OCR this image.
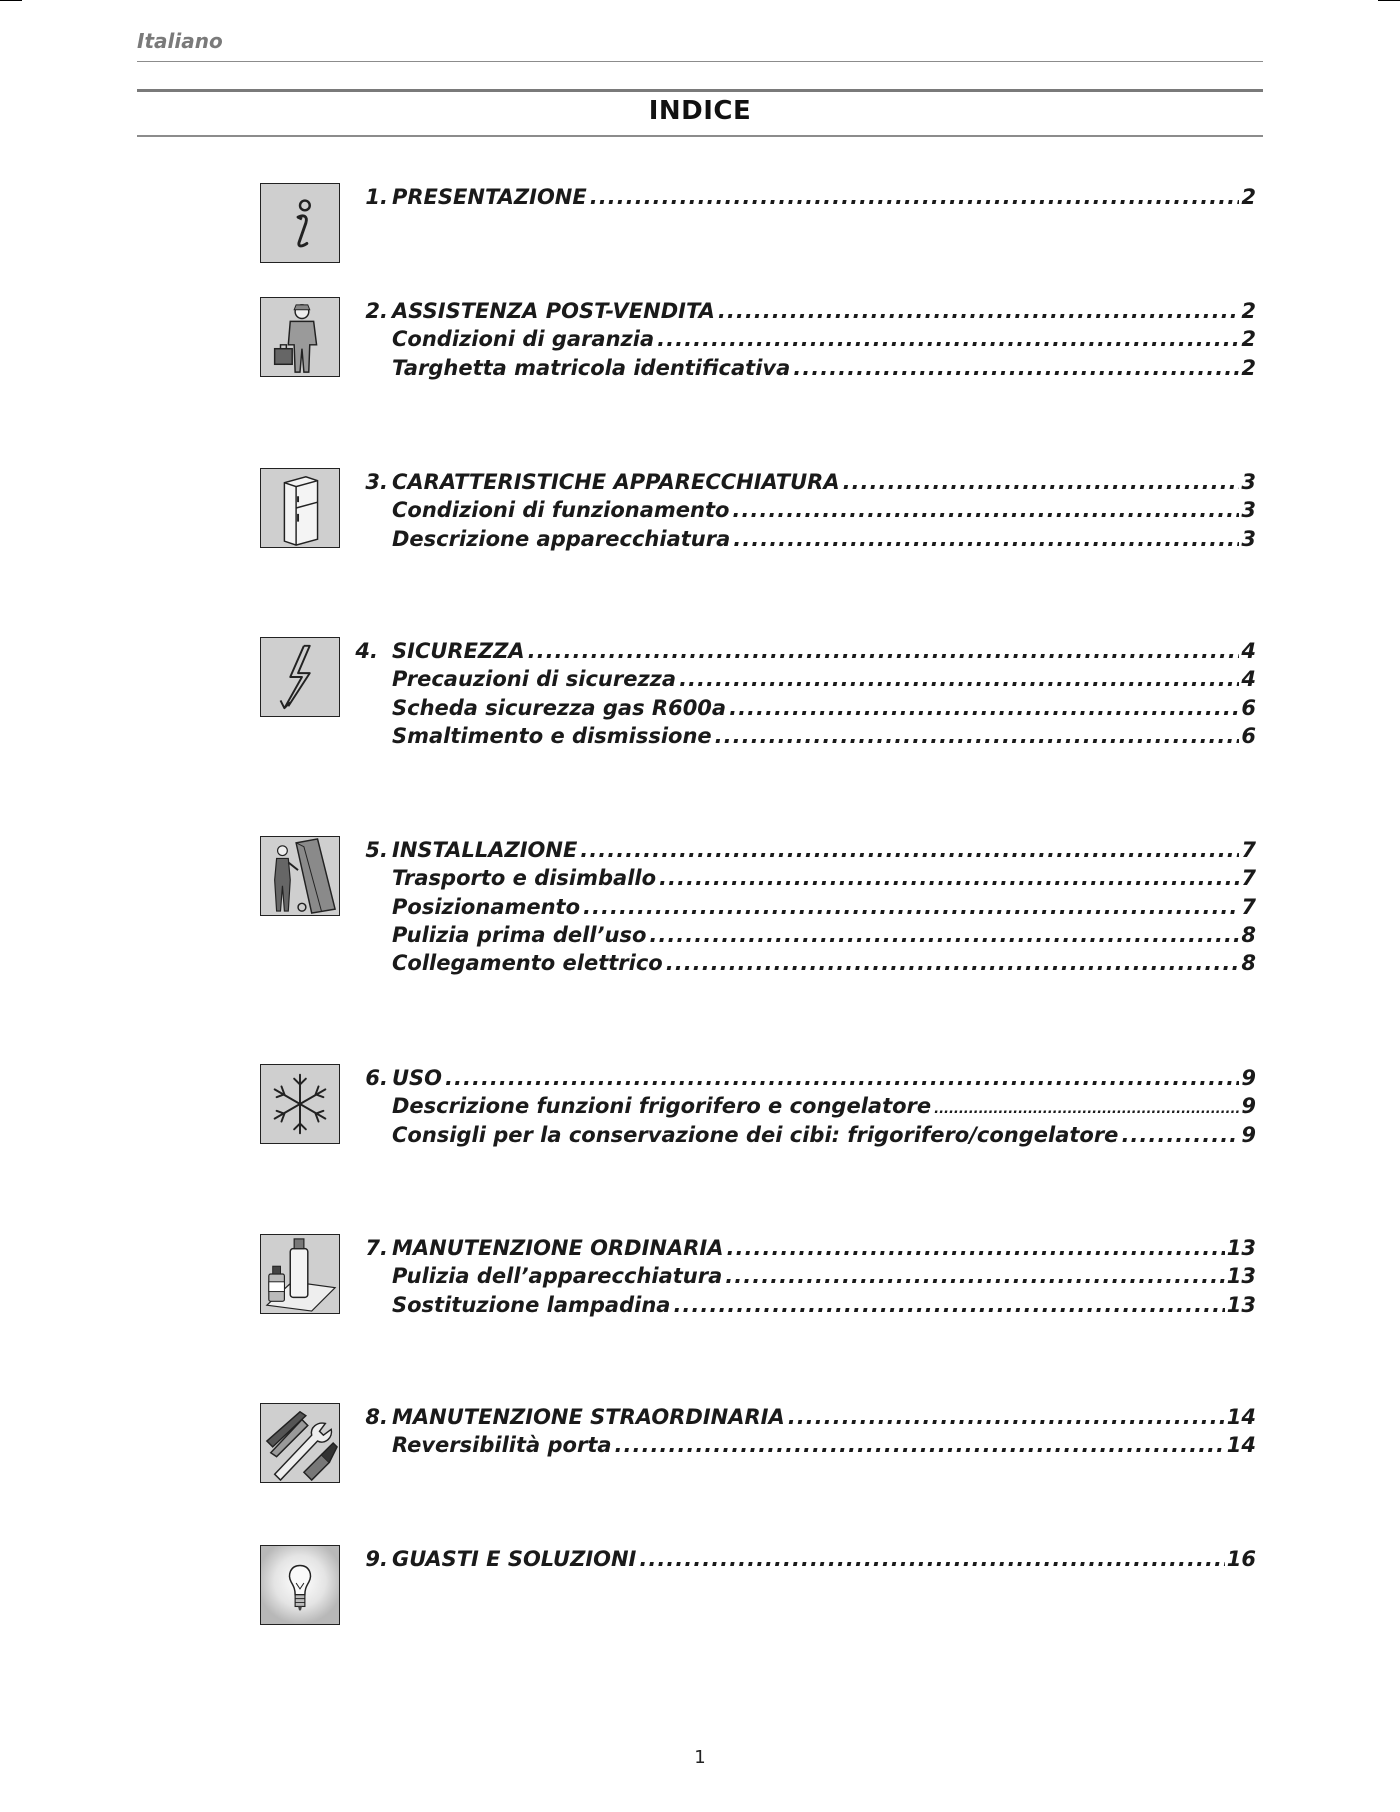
Italiano
INDICE
1. PRESENTAZIONE .....	2
2. ASSISTENZA POST-VENDITA .....	2
Condizioni di garanzia .....	2
Targhetta matricola identificativa .....	2
3. CARATTERISTICHE APPARECCHIATURA .....	3
Condizioni di funzionamento .....	3
Descrizione apparecchiatura .....	3
4. SICUREZZA .....	4
Precauzioni di sicurezza .....	4
Scheda sicurezza gas R600a .....	6
Smaltimento e dismissione .....	6
5. INSTALLAZIONE .....	7
Trasporto e disimballo .....	7
Posizionamento .....	7
Pulizia prima dell’uso .....	8
Collegamento elettrico .....	8
6. USO .....	9
Descrizione funzioni frigorifero e congelatore .....	9
Consigli per la conservazione dei cibi: frigorifero/congelatore .....	9
7. MANUTENZIONE ORDINARIA .....	13
Pulizia dell’apparecchiatura .....	13
Sostituzione lampadina .....	13
8. MANUTENZIONE STRAORDINARIA .....	14
Reversibilità porta .....	14
9. GUASTI E SOLUZIONI .....	16
1
